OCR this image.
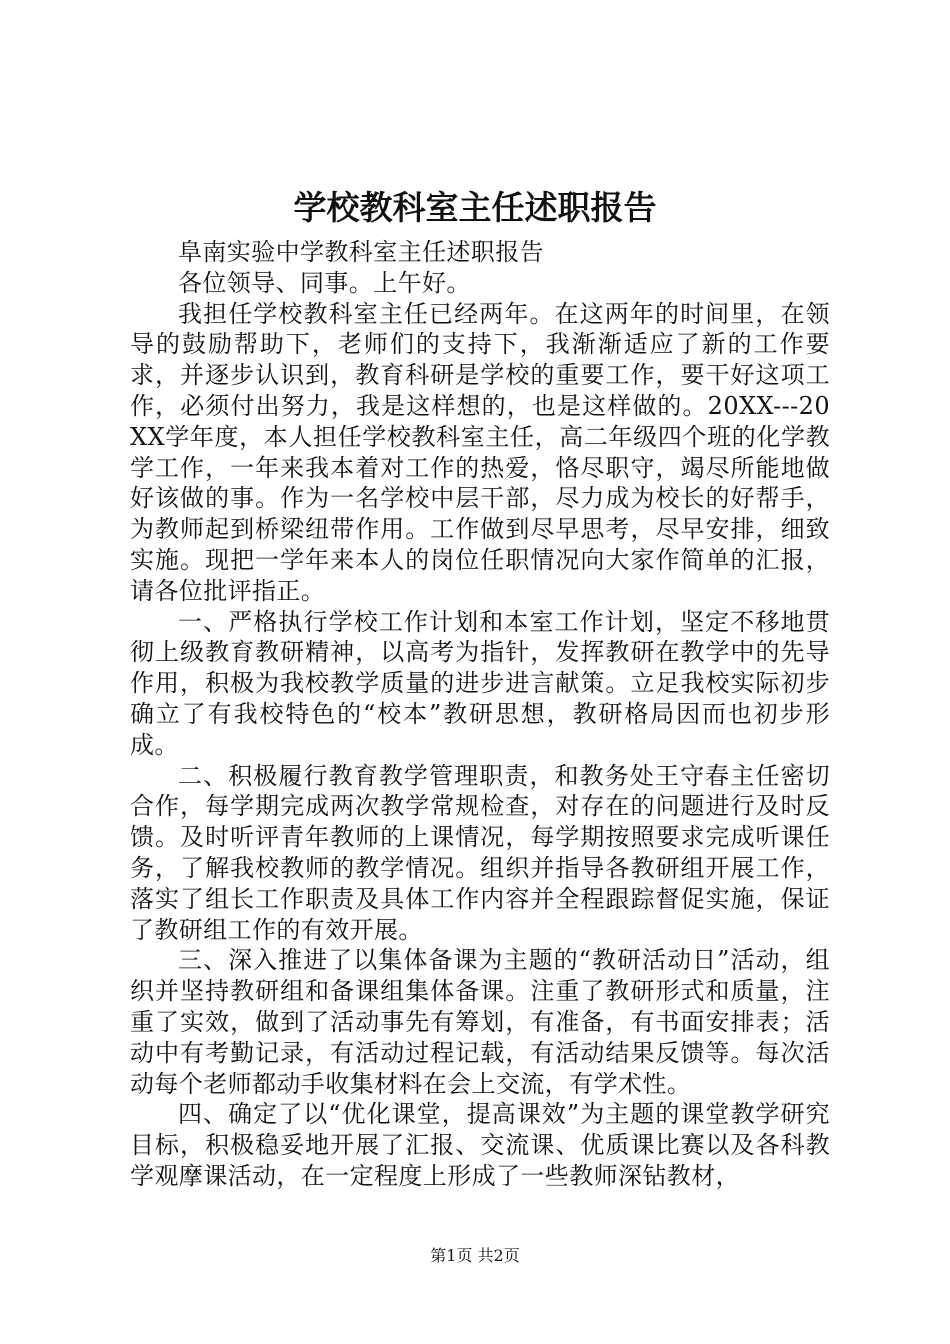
学校教科室主任述职报告

阜南实验中学教科室主任述职报告

各位领导、同事。上午好。

我担任学校教科室主任已经两年。在这两年的时间里，在领导的鼓励帮助下，老师们的支持下，我渐渐适应了新的工作要求，并逐步认识到，教育科研是学校的重要工作，要干好这项工作，必须付出努力，我是这样想的，也是这样做的。20XX---20XX学年度，本人担任学校教科室主任，高二年级四个班的化学教学工作，一年来我本着对工作的热爱，恪尽职守，竭尽所能地做好该做的事。作为一名学校中层干部，尽力成为校长的好帮手，为教师起到桥梁纽带作用。工作做到尽早思考，尽早安排，细致实施。现把一学年来本人的岗位任职情况向大家作简单的汇报，请各位批评指正。

一、严格执行学校工作计划和本室工作计划，坚定不移地贯彻上级教育教研精神，以高考为指针，发挥教研在教学中的先导作用，积极为我校教学质量的进步进言献策。立足我校实际初步确立了有我校特色的“校本”教研思想，教研格局因而也初步形成。

二、积极履行教育教学管理职责，和教务处王守春主任密切合作，每学期完成两次教学常规检查，对存在的问题进行及时反馈。及时听评青年教师的上课情况，每学期按照要求完成听课任务，了解我校教师的教学情况。组织并指导各教研组开展工作，落实了组长工作职责及具体工作内容并全程跟踪督促实施，保证了教研组工作的有效开展。

三、深入推进了以集体备课为主题的“教研活动日”活动，组织并坚持教研组和备课组集体备课。注重了教研形式和质量，注重了实效，做到了活动事先有筹划，有准备，有书面安排表；活动中有考勤记录，有活动过程记载，有活动结果反馈等。每次活动每个老师都动手收集材料在会上交流，有学术性。

四、确定了以“优化课堂，提高课效”为主题的课堂教学研究目标，积极稳妥地开展了汇报、交流课、优质课比赛以及各科教学观摩课活动，在一定程度上形成了一些教师深钻教材，

第1页 共2页
